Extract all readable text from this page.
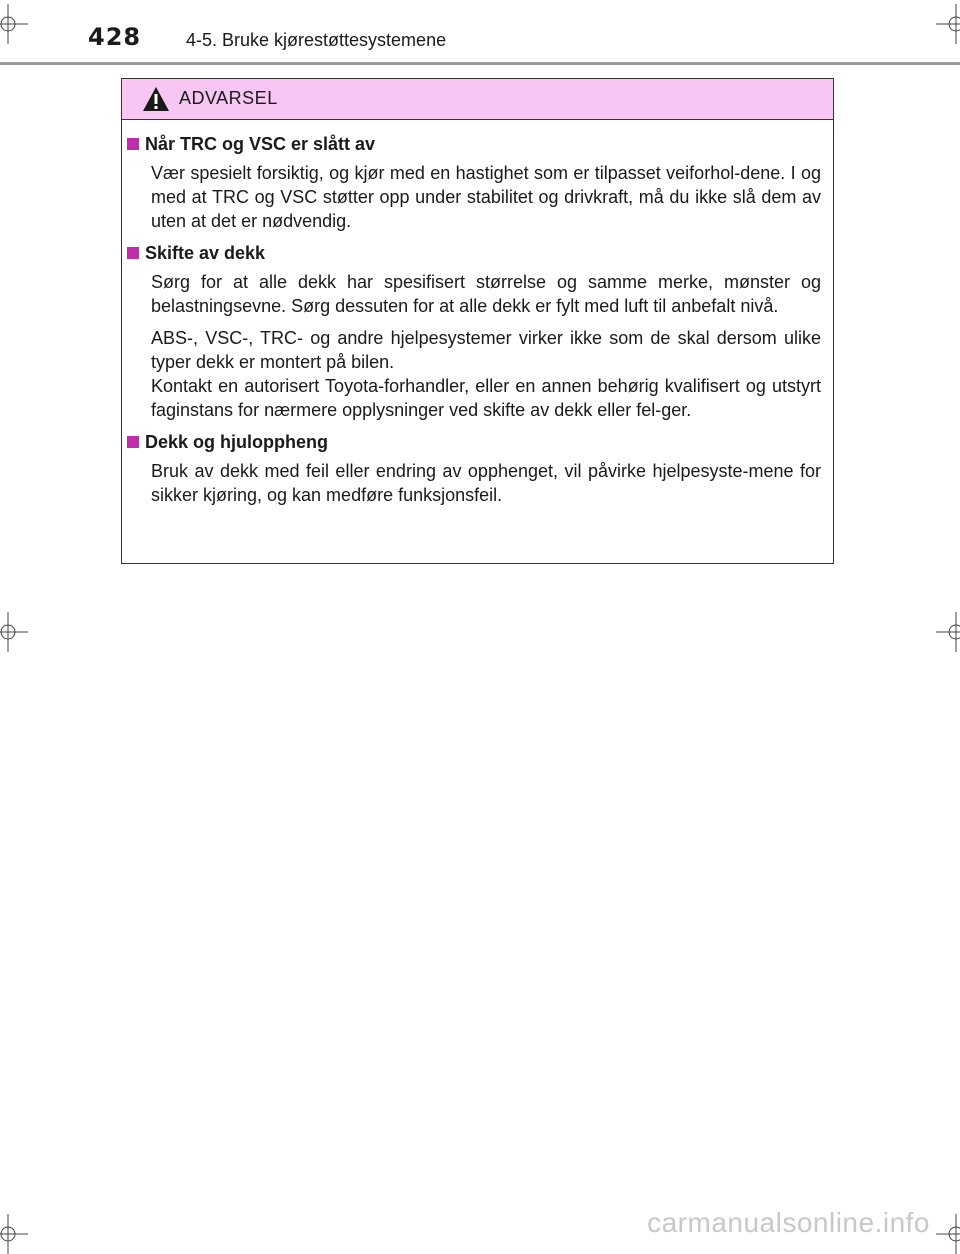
428 4-5. Bruke kjørestøttesystemene
ADVARSEL
Når TRC og VSC er slått av

Vær spesielt forsiktig, og kjør med en hastighet som er tilpasset veiforhol-dene. I og med at TRC og VSC støtter opp under stabilitet og drivkraft, må du ikke slå dem av uten at det er nødvendig.

Skifte av dekk

Sørg for at alle dekk har spesifisert størrelse og samme merke, mønster og belastningsevne. Sørg dessuten for at alle dekk er fylt med luft til anbefalt nivå.

ABS-, VSC-, TRC- og andre hjelpesystemer virker ikke som de skal dersom ulike typer dekk er montert på bilen.
Kontakt en autorisert Toyota-forhandler, eller en annen behørig kvalifisert og utstyrt faginstans for nærmere opplysninger ved skifte av dekk eller fel-ger.

Dekk og hjuloppheng

Bruk av dekk med feil eller endring av opphenget, vil påvirke hjelpesyste-mene for sikker kjøring, og kan medføre funksjonsfeil.

carmanualsonline.info
